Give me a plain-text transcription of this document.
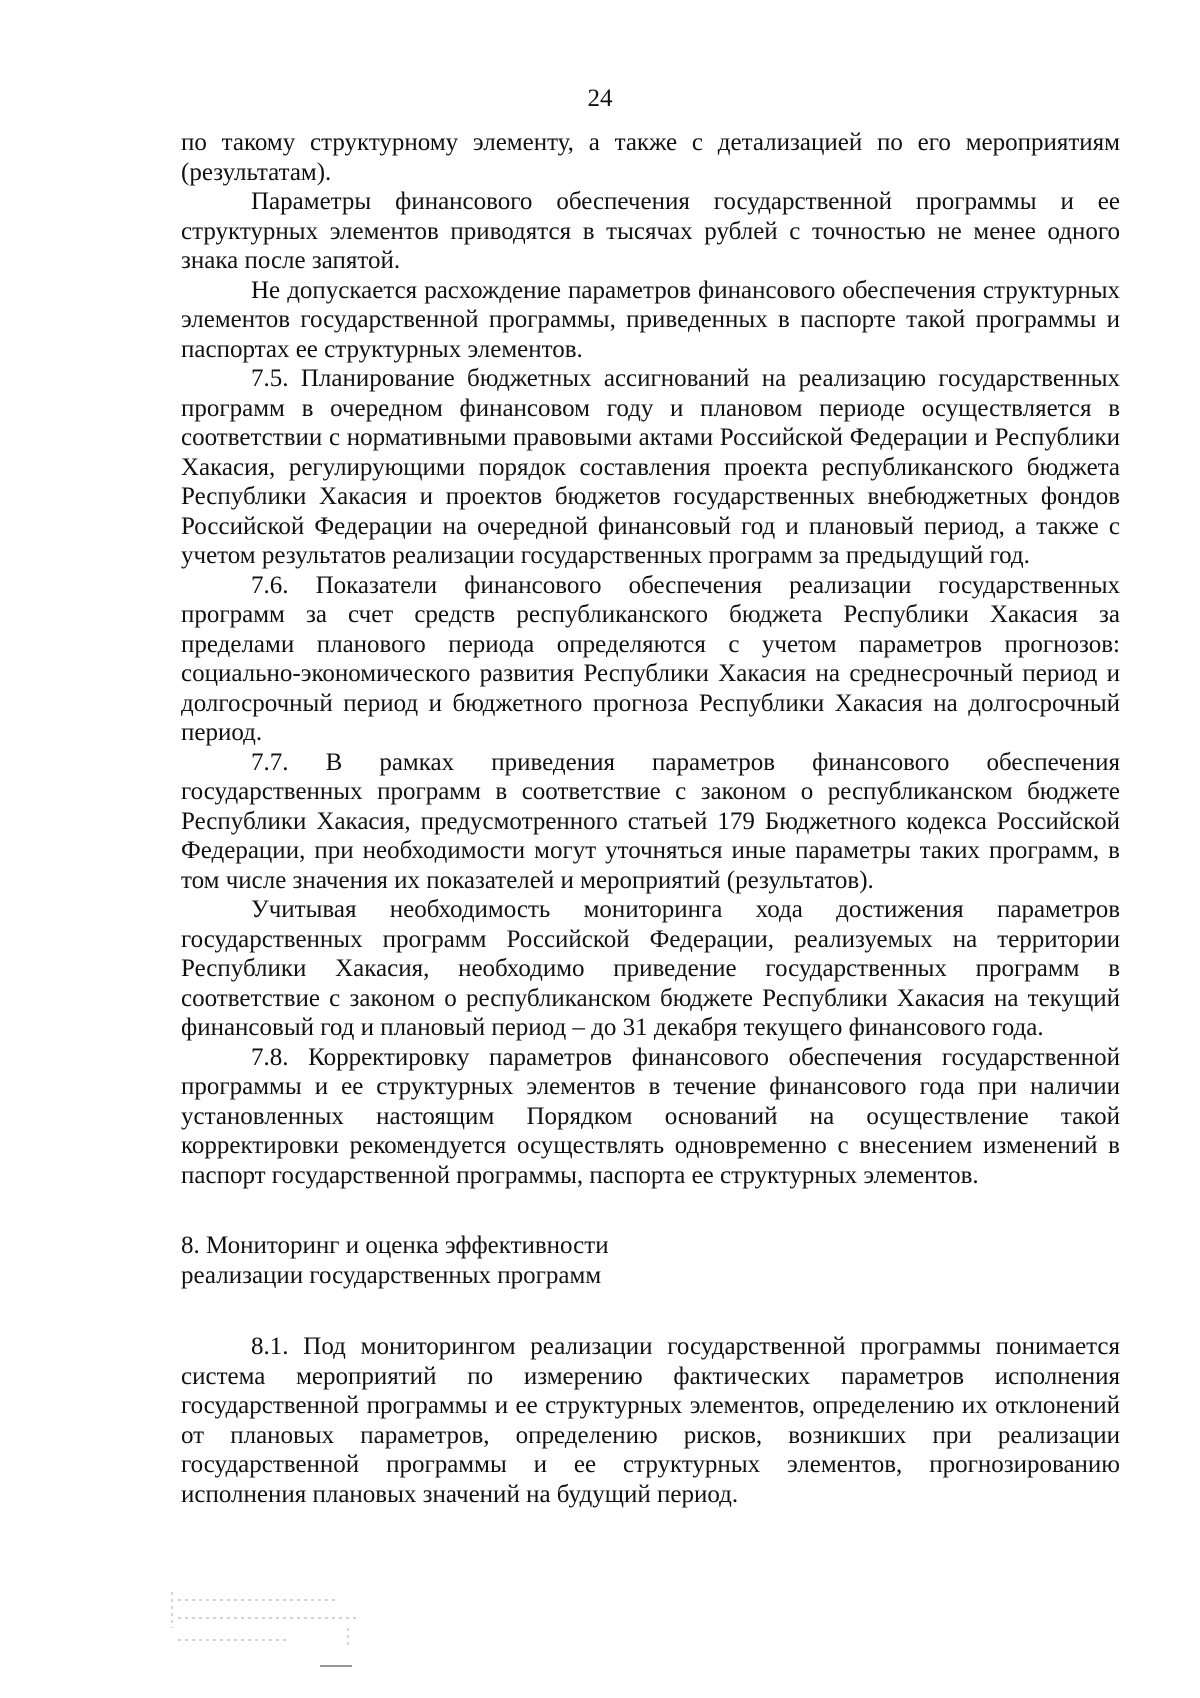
24

по такому структурному элементу, а также с детализацией по его мероприятиям (результатам).

Параметры финансового обеспечения государственной программы и ее структурных элементов приводятся в тысячах рублей с точностью не менее одного знака после запятой.

Не допускается расхождение параметров финансового обеспечения структурных элементов государственной программы, приведенных в паспорте такой программы и паспортах ее структурных элементов.

7.5. Планирование бюджетных ассигнований на реализацию государственных программ в очередном финансовом году и плановом периоде осуществляется в соответствии с нормативными правовыми актами Российской Федерации и Республики Хакасия, регулирующими порядок составления проекта республиканского бюджета Республики Хакасия и проектов бюджетов государственных внебюджетных фондов Российской Федерации на очередной финансовый год и плановый период, а также с учетом результатов реализации государственных программ за предыдущий год.

7.6. Показатели финансового обеспечения реализации государственных программ за счет средств республиканского бюджета Республики Хакасия за пределами планового периода определяются с учетом параметров прогнозов: социально-экономического развития Республики Хакасия на среднесрочный период и долгосрочный период и бюджетного прогноза Республики Хакасия на долгосрочный период.

7.7. В рамках приведения параметров финансового обеспечения государственных программ в соответствие с законом о республиканском бюджете Республики Хакасия, предусмотренного статьей 179 Бюджетного кодекса Российской Федерации, при необходимости могут уточняться иные параметры таких программ, в том числе значения их показателей и мероприятий (результатов).

Учитывая необходимость мониторинга хода достижения параметров государственных программ Российской Федерации, реализуемых на территории Республики Хакасия, необходимо приведение государственных программ в соответствие с законом о республиканском бюджете Республики Хакасия на текущий финансовый год и плановый период – до 31 декабря текущего финансового года.

7.8. Корректировку параметров финансового обеспечения государственной программы и ее структурных элементов в течение финансового года при наличии установленных настоящим Порядком оснований на осуществление такой корректировки рекомендуется осуществлять одновременно с внесением изменений в паспорт государственной программы, паспорта ее структурных элементов.

8. Мониторинг и оценка эффективности
реализации государственных программ

8.1. Под мониторингом реализации государственной программы понимается система мероприятий по измерению фактических параметров исполнения государственной программы и ее структурных элементов, определению их отклонений от плановых параметров, определению рисков, возникших при реализации государственной программы и ее структурных элементов, прогнозированию исполнения плановых значений на будущий период.
